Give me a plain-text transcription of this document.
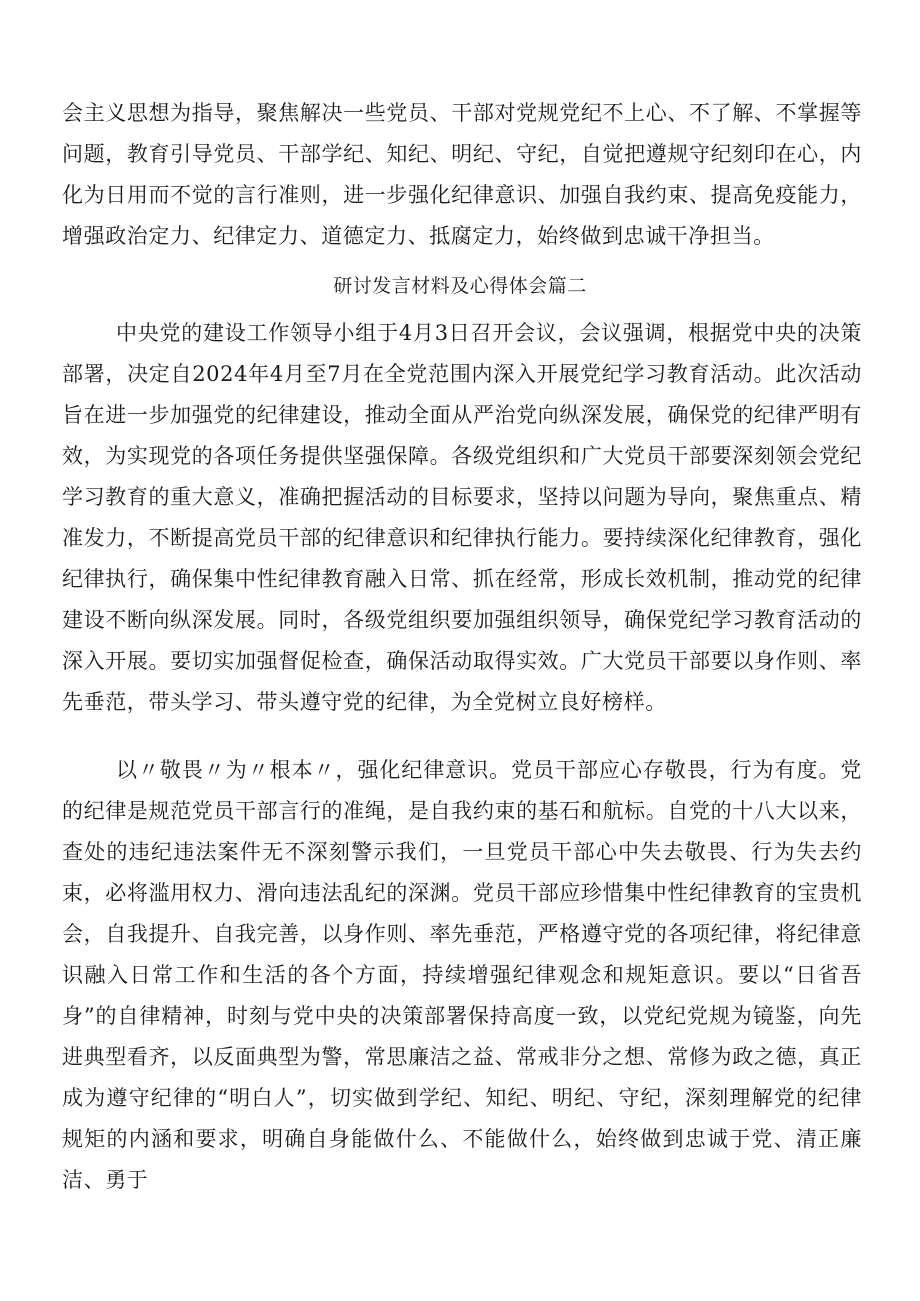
会主义思想为指导，聚焦解决一些党员、干部对党规党纪不上心、不了解、不掌握等问题，教育引导党员、干部学纪、知纪、明纪、守纪，自觉把遵规守纪刻印在心，内化为日用而不觉的言行准则，进一步强化纪律意识、加强自我约束、提高免疫能力，增强政治定力、纪律定力、道德定力、抵腐定力，始终做到忠诚干净担当。

研讨发言材料及心得体会篇二

中央党的建设工作领导小组于4月3日召开会议，会议强调，根据党中央的决策部署，决定自2024年4月至7月在全党范围内深入开展党纪学习教育活动。此次活动旨在进一步加强党的纪律建设，推动全面从严治党向纵深发展，确保党的纪律严明有效，为实现党的各项任务提供坚强保障。各级党组织和广大党员干部要深刻领会党纪学习教育的重大意义，准确把握活动的目标要求，坚持以问题为导向，聚焦重点、精准发力，不断提高党员干部的纪律意识和纪律执行能力。要持续深化纪律教育，强化纪律执行，确保集中性纪律教育融入日常、抓在经常，形成长效机制，推动党的纪律建设不断向纵深发展。同时，各级党组织要加强组织领导，确保党纪学习教育活动的深入开展。要切实加强督促检查，确保活动取得实效。广大党员干部要以身作则、率先垂范，带头学习、带头遵守党的纪律，为全党树立良好榜样。

以〃敬畏〃为〃根本〃，强化纪律意识。党员干部应心存敬畏，行为有度。党的纪律是规范党员干部言行的准绳，是自我约束的基石和航标。自党的十八大以来，查处的违纪违法案件无不深刻警示我们，一旦党员干部心中失去敬畏、行为失去约束，必将滥用权力、滑向违法乱纪的深渊。党员干部应珍惜集中性纪律教育的宝贵机会，自我提升、自我完善，以身作则、率先垂范，严格遵守党的各项纪律，将纪律意识融入日常工作和生活的各个方面，持续增强纪律观念和规矩意识。要以“日省吾身”的自律精神，时刻与党中央的决策部署保持高度一致，以党纪党规为镜鉴，向先进典型看齐，以反面典型为警，常思廉洁之益、常戒非分之想、常修为政之德，真正成为遵守纪律的“明白人”，切实做到学纪、知纪、明纪、守纪，深刻理解党的纪律规矩的内涵和要求，明确自身能做什么、不能做什么，始终做到忠诚于党、清正廉洁、勇于
